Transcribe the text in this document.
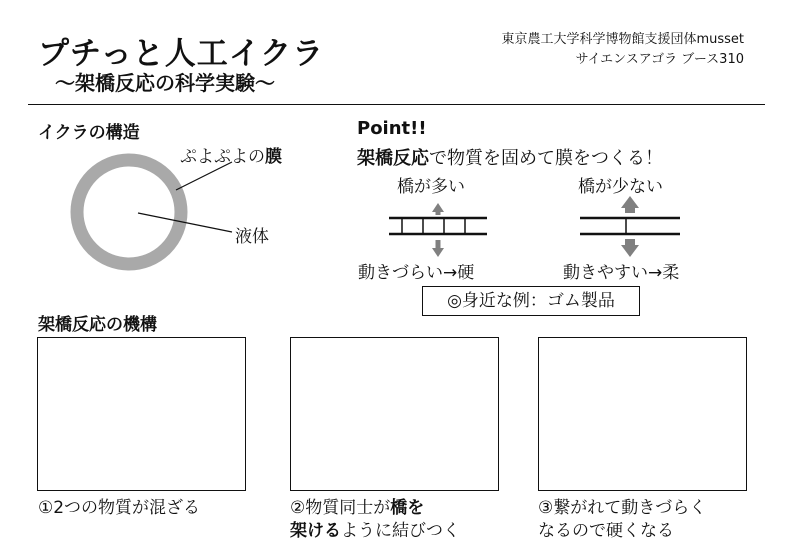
プチっと人工イクラ
〜架橋反応の科学実験〜
東京農工大学科学博物館支援団体musset
サイエンスアゴラ ブース310
イクラの構造
ぷよぷよの膜
液体
Point!!
架橋反応で物質を固めて膜をつくる！
橋が多い	橋が少ない
動きづらい→硬	動きやすい→柔
◎身近な例：ゴム製品
架橋反応の機構
①2つの物質が混ざる	②物質同士が橋を
架けるように結びつく
③繋がれて動きづらく
なるので硬くなる
